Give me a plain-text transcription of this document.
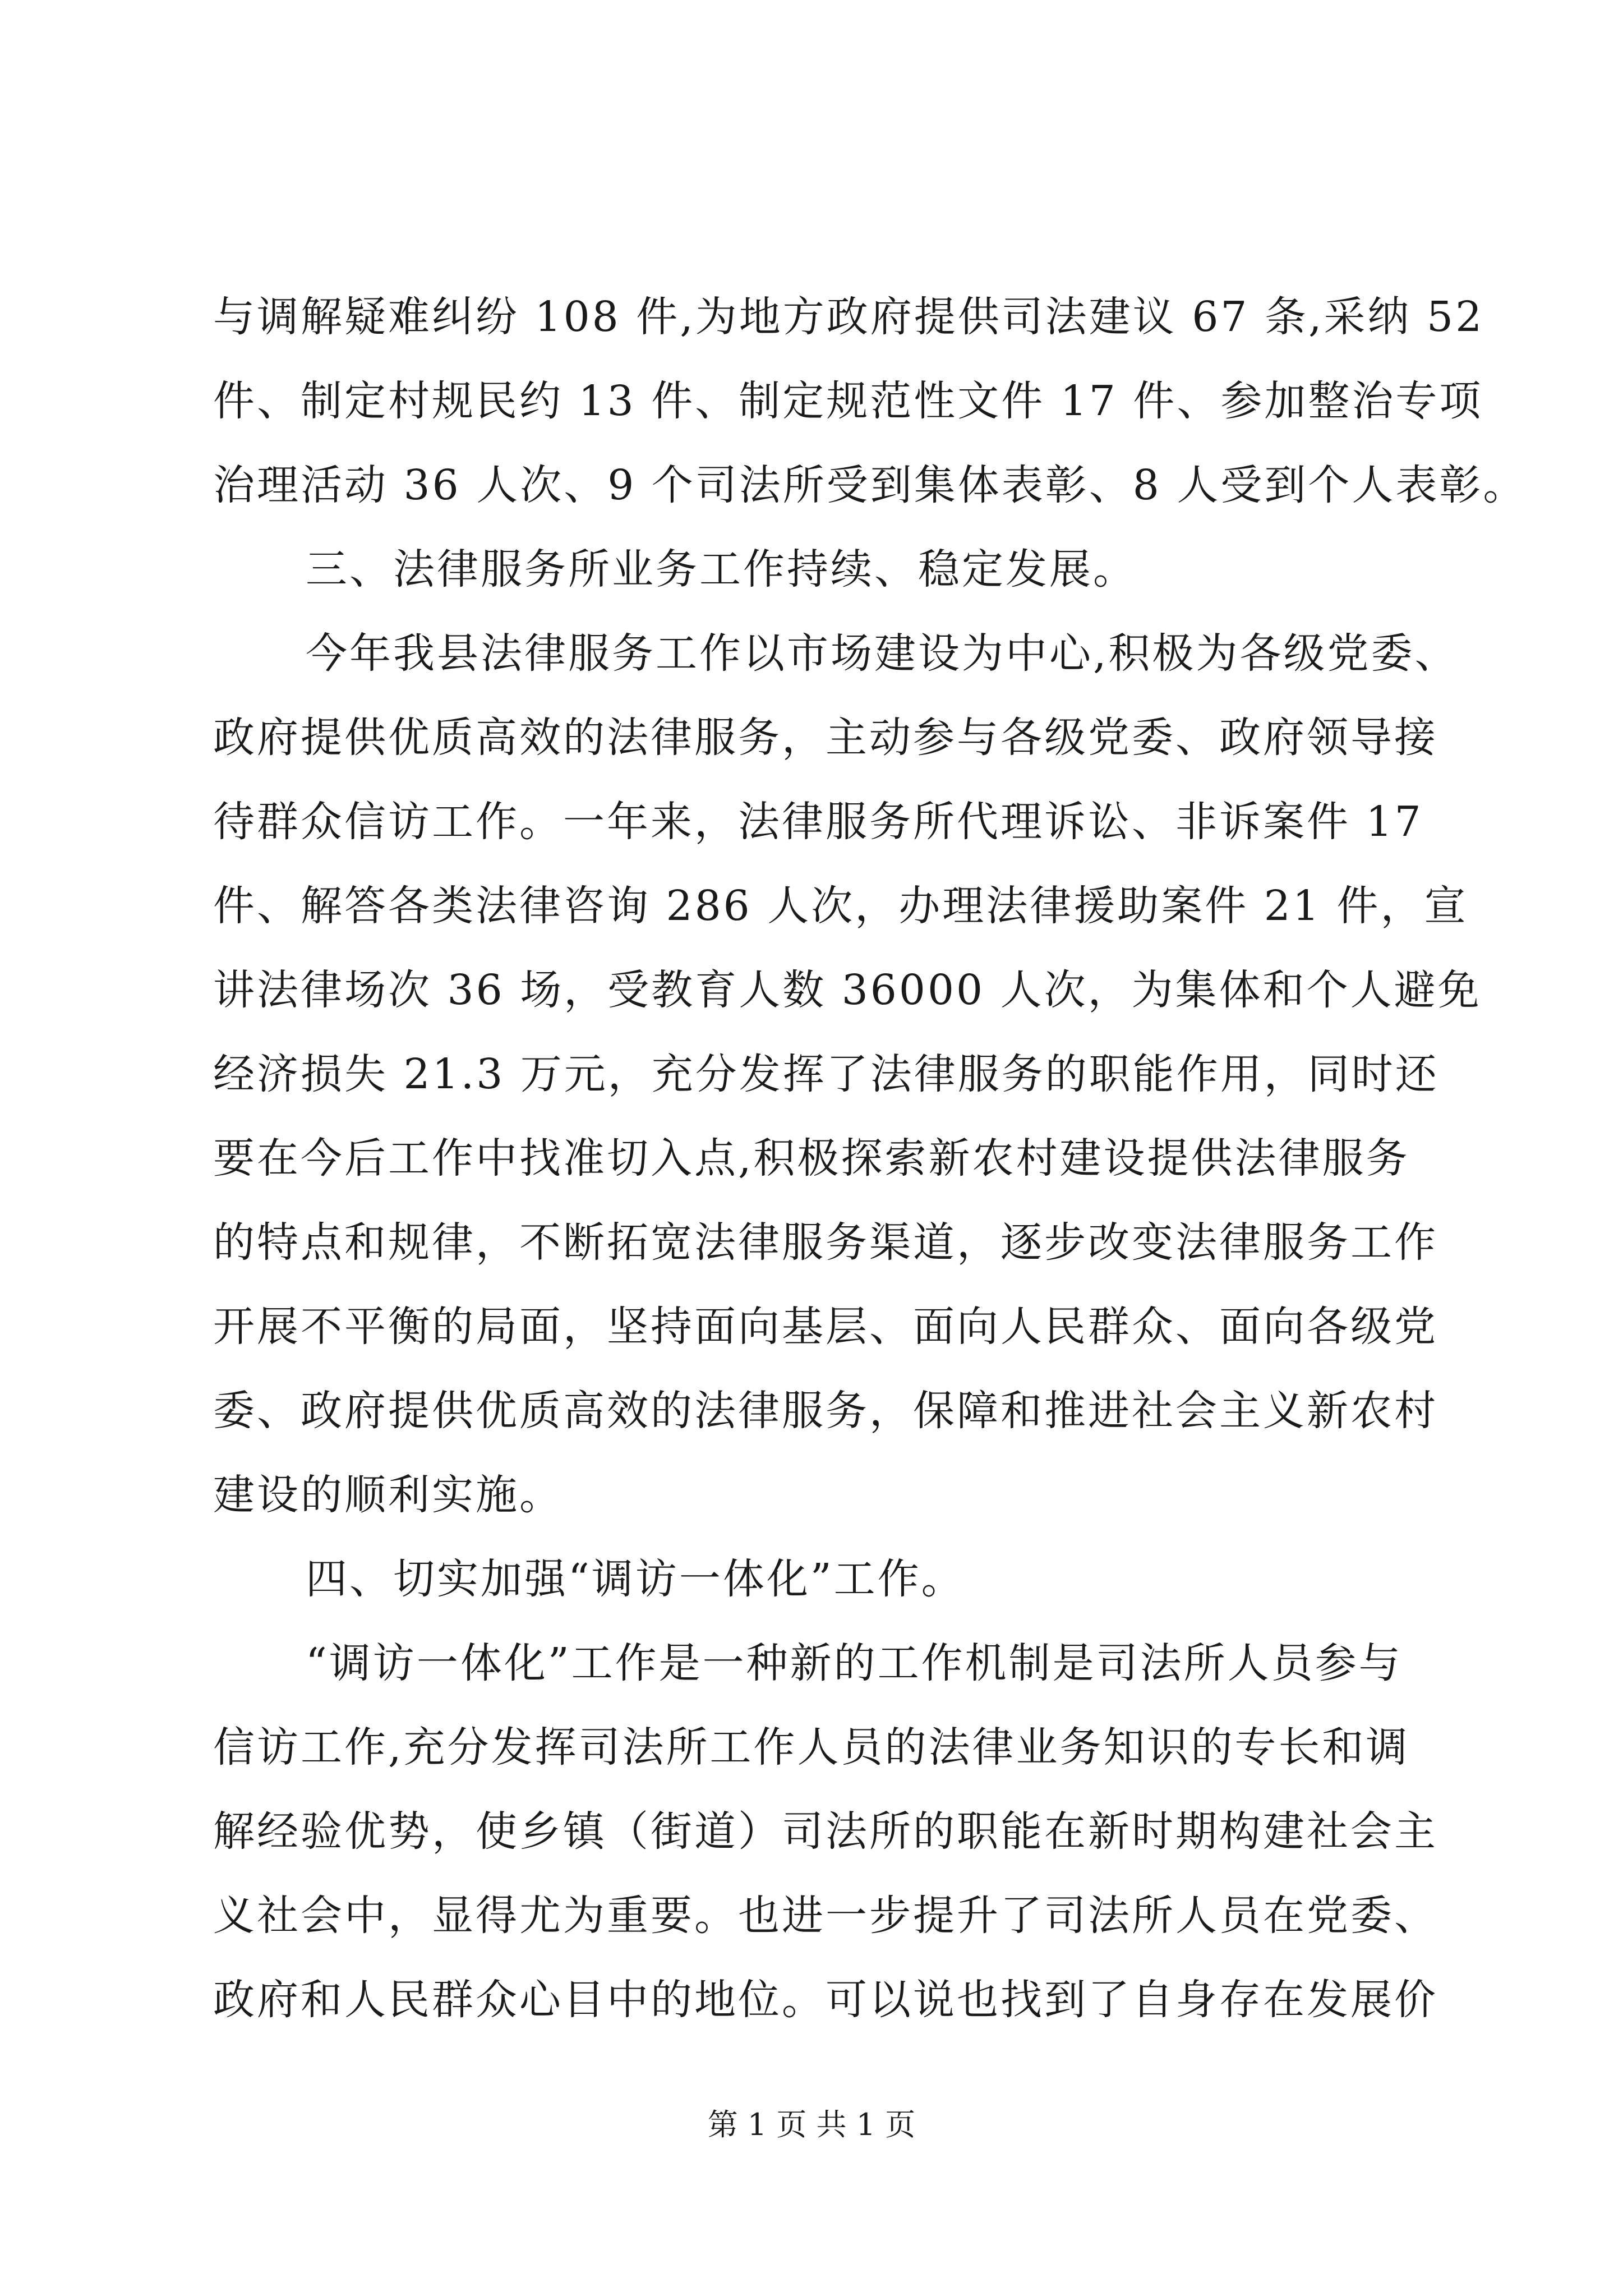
与调解疑难纠纷 108 件,为地方政府提供司法建议 67 条,采纳 52
件、制定村规民约 13 件、制定规范性文件 17 件、参加整治专项
治理活动 36 人次、9 个司法所受到集体表彰、8 人受到个人表彰。
三、法律服务所业务工作持续、稳定发展。
今年我县法律服务工作以市场建设为中心,积极为各级党委、
政府提供优质高效的法律服务，主动参与各级党委、政府领导接
待群众信访工作。一年来，法律服务所代理诉讼、非诉案件 17
件、解答各类法律咨询 286 人次，办理法律援助案件 21 件，宣
讲法律场次 36 场，受教育人数 36000 人次，为集体和个人避免
经济损失 21.3 万元，充分发挥了法律服务的职能作用，同时还
要在今后工作中找准切入点,积极探索新农村建设提供法律服务
的特点和规律，不断拓宽法律服务渠道，逐步改变法律服务工作
开展不平衡的局面，坚持面向基层、面向人民群众、面向各级党
委、政府提供优质高效的法律服务，保障和推进社会主义新农村
建设的顺利实施。
四、切实加强“调访一体化”工作。
“调访一体化”工作是一种新的工作机制是司法所人员参与
信访工作,充分发挥司法所工作人员的法律业务知识的专长和调
解经验优势，使乡镇（街道）司法所的职能在新时期构建社会主
义社会中，显得尤为重要。也进一步提升了司法所人员在党委、
政府和人民群众心目中的地位。可以说也找到了自身存在发展价
第 1 页 共 1 页
